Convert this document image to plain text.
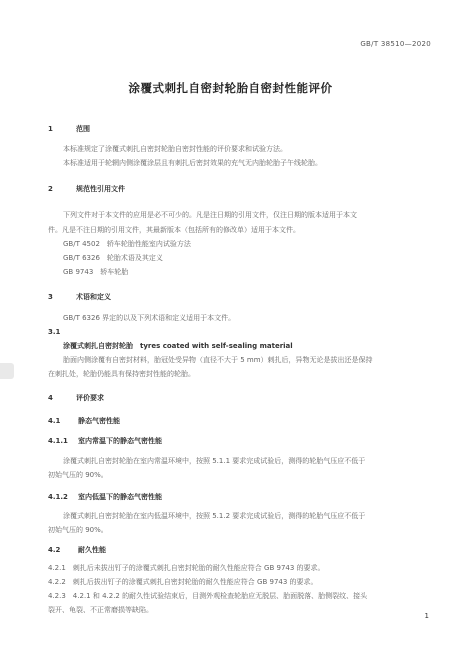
GB/T 38510—2020
涂覆式刺扎自密封轮胎自密封性能评价
1	范围
本标准规定了涂覆式刺扎自密封轮胎自密封性能的评价要求和试验方法。
本标准适用于轮辋内侧涂覆涂层且有刺扎后密封效果的充气无内胎轮胎子午线轮胎。
2	规范性引用文件
下列文件对于本文件的应用是必不可少的。凡是注日期的引用文件，仅注日期的版本适用于本文
件。凡是不注日期的引用文件，其最新版本（包括所有的修改单）适用于本文件。
GB/T 4502　轿车轮胎性能室内试验方法
GB/T 6326　轮胎术语及其定义
GB 9743　轿车轮胎
3	术语和定义
GB/T 6326 界定的以及下列术语和定义适用于本文件。
3.1
涂覆式刺扎自密封轮胎　 tyres coated with self-sealing material
胎面内侧涂覆有自密封材料，胎冠处受异物（直径不大于 5 mm）刺扎后，异物无论是拔出还是保持
在刺扎处，轮胎仍能具有保持密封性能的轮胎。
4	评价要求
4.1	静态气密性能
4.1.1 室内常温下的静态气密性能
涂覆式刺扎自密封轮胎在室内常温环境中，按照 5.1.1 要求完成试验后，测得的轮胎气压应不低于
初始气压的 90%。
4.1.2 室内低温下的静态气密性能
涂覆式刺扎自密封轮胎在室内低温环境中，按照 5.1.2 要求完成试验后，测得的轮胎气压应不低于
初始气压的 90%。
4.2	耐久性能
4.2.1　刺扎后未拔出钉子的涂覆式刺扎自密封轮胎的耐久性能应符合 GB 9743 的要求。
4.2.2　刺扎后拔出钉子的涂覆式刺扎自密封轮胎的耐久性能应符合 GB 9743 的要求。
4.2.3　4.2.1 和 4.2.2 的耐久性试验结束后，目测外观检查轮胎应无脱层、胎面脱落、胎侧裂纹、接头
裂开、龟裂、不正常磨损等缺陷。
1
